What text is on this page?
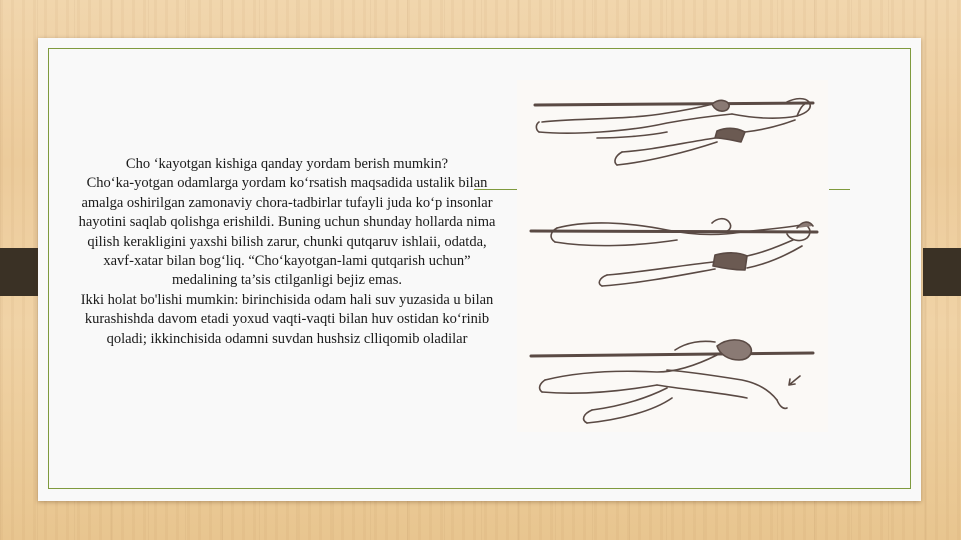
Cho ‘kayotgan kishiga qanday yordam berish mumkin?

Cho‘ka-yotgan odamlarga yordam ko‘rsatish maqsadida ustalik bilan amalga oshirilgan zamonaviy chora-tadbirlar tufayli juda ko‘p insonlar hayotini saqlab qolishga erishildi. Buning uchun shunday hollarda nima qilish kerakligini yaxshi bilish zarur, chunki qutqaruv ishlaii, odatda, xavf-xatar bilan bog‘liq. “Cho‘kayotgan-lami qutqarish uchun” medalining ta’sis ctilganligi bejiz emas.

Ikki holat bo'lishi mumkin: birinchisida odam hali suv yuzasida u bilan kurashishda davom etadi yoxud vaqti-vaqti bilan huv ostidan ko‘rinib qoladi; ikkinchisida odamni suvdan hushsiz clliqomib oladilar
